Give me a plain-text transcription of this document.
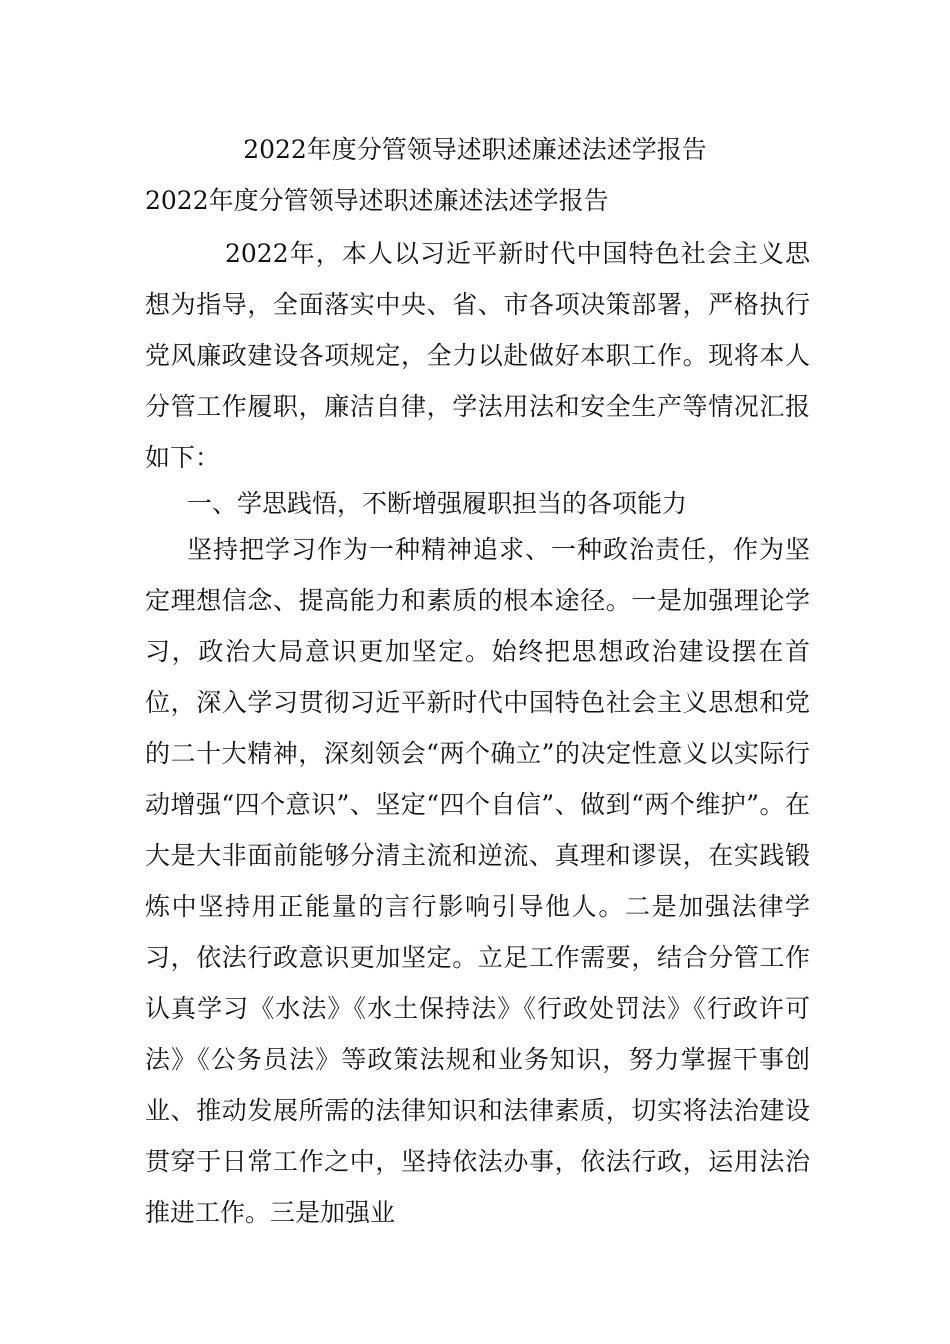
2022年度分管领导述职述廉述法述学报告
2022年度分管领导述职述廉述法述学报告
2022年，本人以习近平新时代中国特色社会主义思想为指导，全面落实中央、省、市各项决策部署，严格执行党风廉政建设各项规定，全力以赴做好本职工作。现将本人分管工作履职，廉洁自律，学法用法和安全生产等情况汇报如下：
一、学思践悟，不断增强履职担当的各项能力
坚持把学习作为一种精神追求、一种政治责任，作为坚定理想信念、提高能力和素质的根本途径。一是加强理论学习，政治大局意识更加坚定。始终把思想政治建设摆在首位，深入学习贯彻习近平新时代中国特色社会主义思想和党的二十大精神，深刻领会“两个确立”的决定性意义以实际行动增强“四个意识”、坚定“四个自信”、做到“两个维护”。在大是大非面前能够分清主流和逆流、真理和谬误，在实践锻炼中坚持用正能量的言行影响引导他人。二是加强法律学习，依法行政意识更加坚定。立足工作需要，结合分管工作认真学习《水法》《水土保持法》《行政处罚法》《行政许可法》《公务员法》等政策法规和业务知识，努力掌握干事创业、推动发展所需的法律知识和法律素质，切实将法治建设贯穿于日常工作之中，坚持依法办事，依法行政，运用法治推进工作。三是加强业
